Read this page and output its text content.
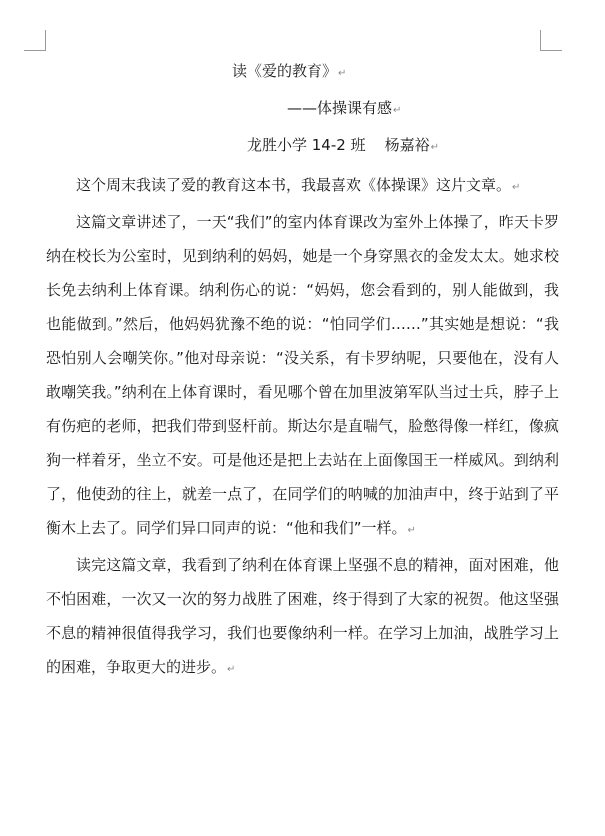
读《爱的教育》↵
——体操课有感↵
龙胜小学 14-2 班    杨嘉裕↵

这个周末我读了爱的教育这本书，我最喜欢《体操课》这片文章。↵

这篇文章讲述了，一天“我们”的室内体育课改为室外上体操了，昨天卡罗纳在校长为公室时，见到纳利的妈妈，她是一个身穿黑衣的金发太太。她求校长免去纳利上体育课。纳利伤心的说：“妈妈，您会看到的，别人能做到，我也能做到。”然后，他妈妈犹豫不绝的说：“怕同学们……”其实她是想说：“我恐怕别人会嘲笑你。”他对母亲说：“没关系，有卡罗纳呢，只要他在，没有人敢嘲笑我。”纳利在上体育课时，看见哪个曾在加里波第军队当过士兵，脖子上有伤疤的老师，把我们带到竖杆前。斯达尔是直喘气，脸憋得像一样红，像疯狗一样着牙，坐立不安。可是他还是把上去站在上面像国王一样威风。到纳利了，他使劲的往上，就差一点了，在同学们的呐喊的加油声中，终于站到了平衡木上去了。同学们异口同声的说：“他和我们”一样。↵

读完这篇文章，我看到了纳利在体育课上坚强不息的精神，面对困难，他不怕困难，一次又一次的努力战胜了困难，终于得到了大家的祝贺。他这坚强不息的精神很值得我学习，我们也要像纳利一样。在学习上加油，战胜学习上的困难，争取更大的进步。↵
